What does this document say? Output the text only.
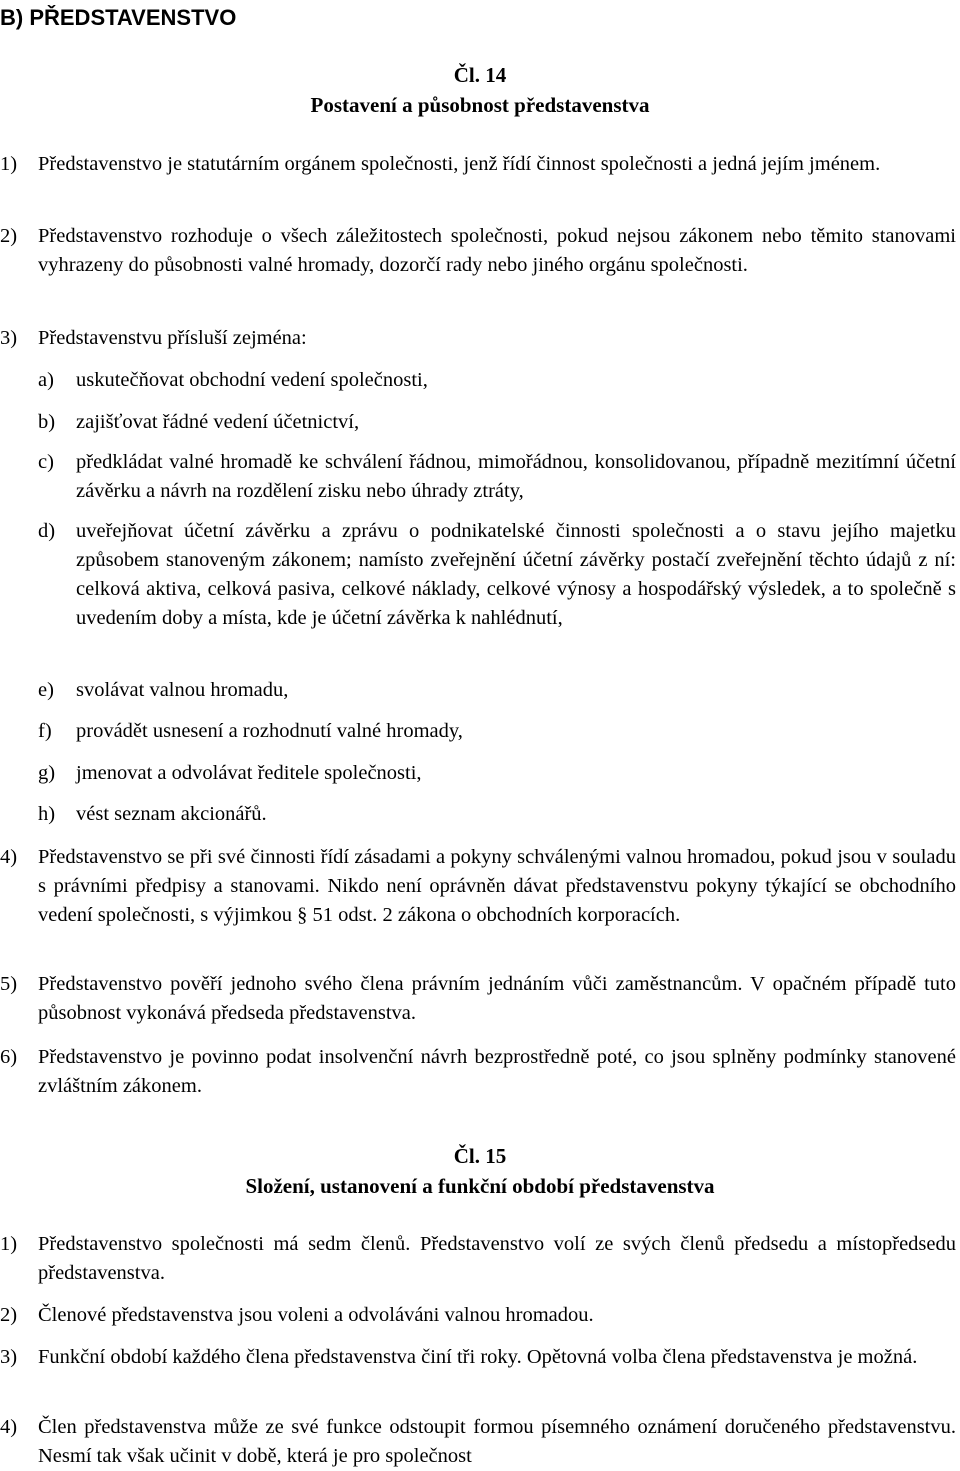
B) PŘEDSTAVENSTVO
Čl. 14
Postavení a působnost představenstva
1)	Představenstvo je statutárním orgánem společnosti, jenž řídí činnost společnosti a jedná jejím jménem.
2)	Představenstvo rozhoduje o všech záležitostech společnosti, pokud nejsou zákonem nebo těmito stanovami vyhrazeny do působnosti valné hromady, dozorčí rady nebo jiného orgánu společnosti.
3)	Představenstvu přísluší zejména:
a)	uskutečňovat obchodní vedení společnosti,
b)	zajišťovat řádné vedení účetnictví,
c)	předkládat valné hromadě ke schválení řádnou, mimořádnou, konsolidovanou, případně mezitímní účetní závěrku a návrh na rozdělení zisku nebo úhrady ztráty,
d)	uveřejňovat účetní závěrku a zprávu o podnikatelské činnosti společnosti a o stavu jejího majetku způsobem stanoveným zákonem; namísto zveřejnění účetní závěrky postačí zveřejnění těchto údajů z ní: celková aktiva, celková pasiva, celkové náklady, celkové výnosy a hospodářský výsledek, a to společně s uvedením doby a místa, kde je účetní závěrka k nahlédnutí,
e)	svolávat valnou hromadu,
f)	provádět usnesení a rozhodnutí valné hromady,
g)	jmenovat a odvolávat ředitele společnosti,
h)	vést seznam akcionářů.
4)	Představenstvo se při své činnosti řídí zásadami a pokyny schválenými valnou hromadou, pokud jsou v souladu s právními předpisy a stanovami. Nikdo není oprávněn dávat představenstvu pokyny týkající se obchodního vedení společnosti, s výjimkou § 51 odst. 2 zákona o obchodních korporacích.
5)	Představenstvo pověří jednoho svého člena právním jednáním vůči zaměstnancům. V opačném případě tuto působnost vykonává předseda představenstva.
6)	Představenstvo je povinno podat insolvenční návrh bezprostředně poté, co jsou splněny podmínky stanovené zvláštním zákonem.
Čl. 15
Složení, ustanovení a funkční období představenstva
1)	Představenstvo společnosti má sedm členů. Představenstvo volí ze svých členů předsedu a místopředsedu představenstva.
2)	Členové představenstva jsou voleni a odvoláváni valnou hromadou.
3)	Funkční období každého člena představenstva činí tři roky. Opětovná volba člena představenstva je možná.
4)	Člen představenstva může ze své funkce odstoupit formou písemného oznámení doručeného představenstvu. Nesmí tak však učinit v době, která je pro společnost
